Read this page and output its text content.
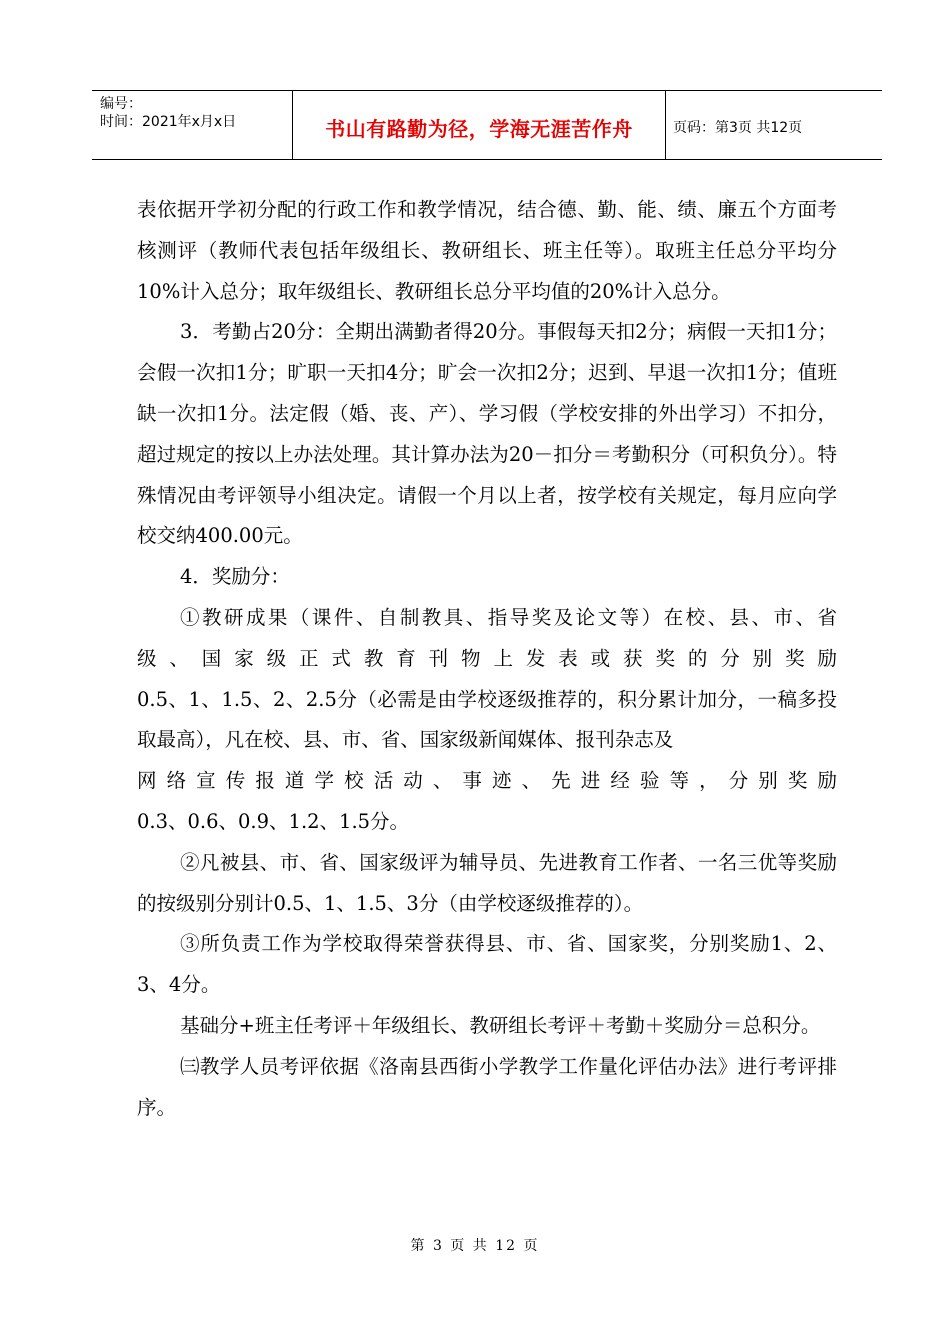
编号：
时间：2021年x月x日	书山有路勤为径，学海无涯苦作舟	页码：第3页 共12页

表依据开学初分配的行政工作和教学情况，结合德、勤、能、绩、廉五个方面考核测评（教师代表包括年级组长、教研组长、班主任等）。取班主任总分平均分10%计入总分；取年级组长、教研组长总分平均值的20%计入总分。

3．考勤占20分：全期出满勤者得20分。事假每天扣2分；病假一天扣1分；会假一次扣1分；旷职一天扣4分；旷会一次扣2分；迟到、早退一次扣1分；值班缺一次扣1分。法定假（婚、丧、产）、学习假（学校安排的外出学习）不扣分，超过规定的按以上办法处理。其计算办法为20－扣分＝考勤积分（可积负分）。特殊情况由考评领导小组决定。请假一个月以上者，按学校有关规定，每月应向学校交纳400.00元。

4．奖励分：

①教研成果（课件、自制教具、指导奖及论文等）在校、县、市、省

级、国家级正式教育刊物上发表或获奖的分别奖励

0.5、1、1.5、2、2.5分（必需是由学校逐级推荐的，积分累计加分，一稿多投取最高），凡在校、县、市、省、国家级新闻媒体、报刊杂志及

网络宣传报道学校活动、事迹、先进经验等，分别奖励

0.3、0.6、0.9、1.2、1.5分。

②凡被县、市、省、国家级评为辅导员、先进教育工作者、一名三优等奖励的按级别分别计0.5、1、1.5、3分（由学校逐级推荐的）。

③所负责工作为学校取得荣誉获得县、市、省、国家奖，分别奖励1、2、3、4分。

基础分+班主任考评＋年级组长、教研组长考评＋考勤＋奖励分＝总积分。

㈢教学人员考评依据《洛南县西街小学教学工作量化评估办法》进行考评排序。

第 3 页 共 12 页
